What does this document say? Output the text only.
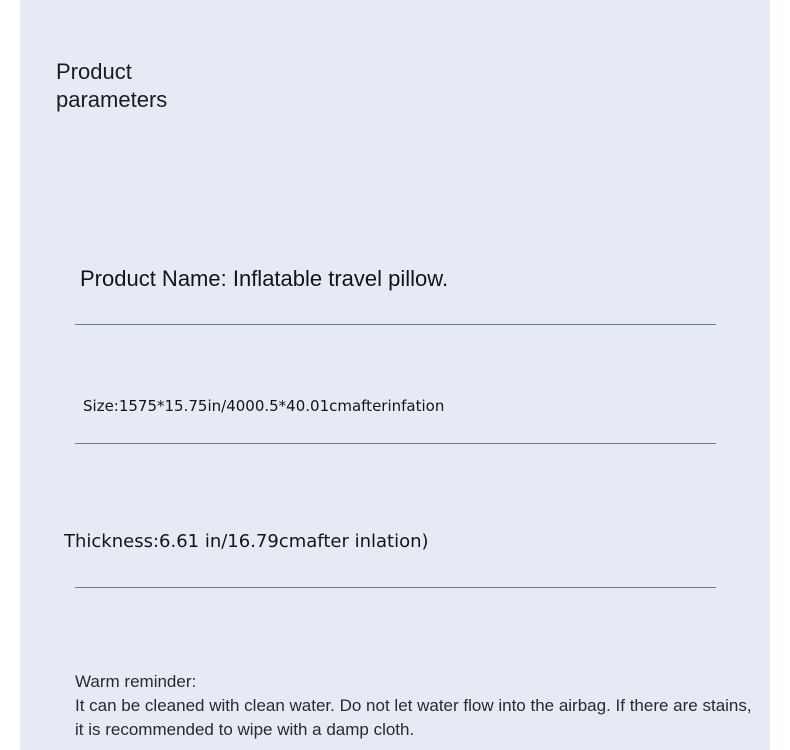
Product
parameters
Product Name: Inflatable travel pillow.
Size:1575*15.75in/4000.5*40.01cmafterinfation
Thickness:6.61 in/16.79cmafter inlation)
Warm reminder:
It can be cleaned with clean water. Do not let water flow into the airbag. If there are stains, it is recommended to wipe with a damp cloth.
